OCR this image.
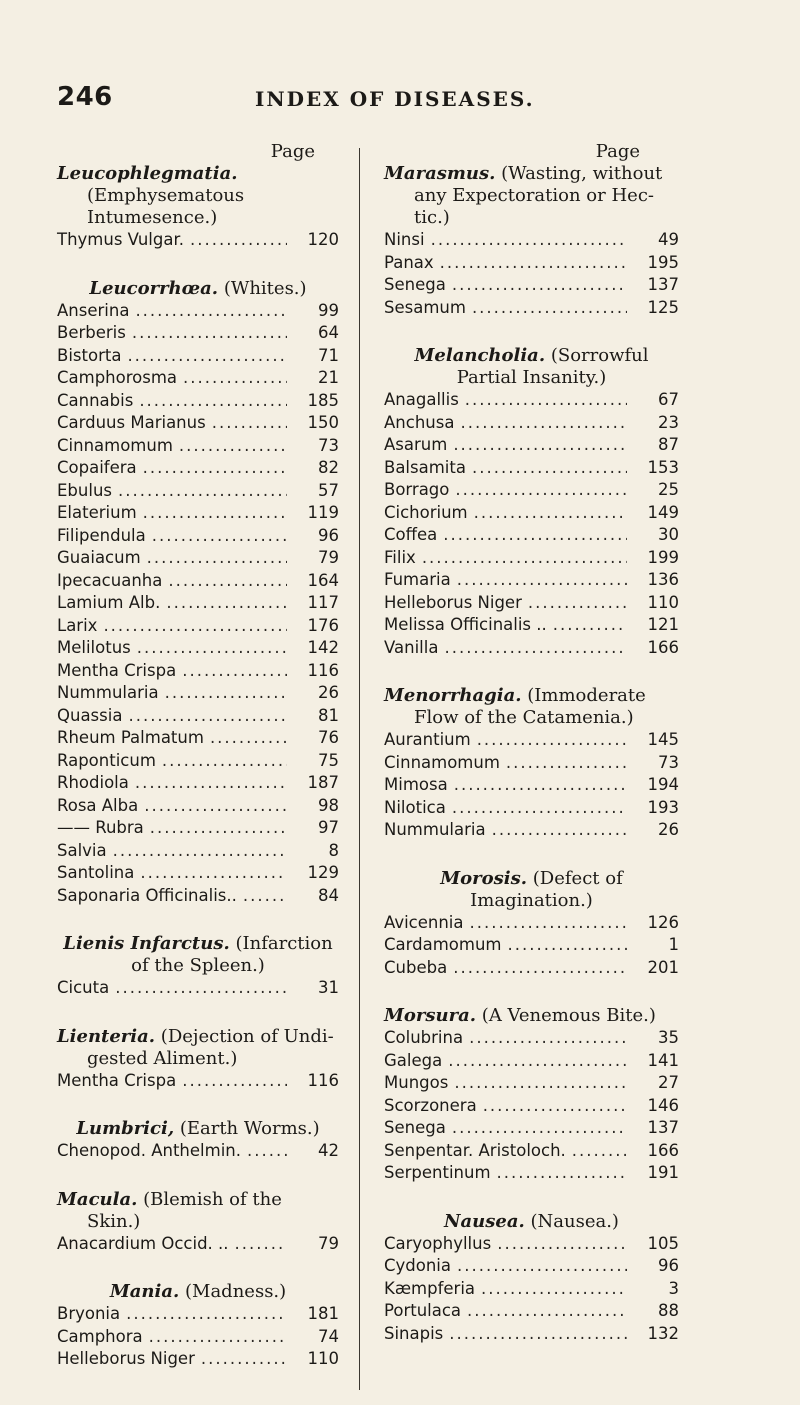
246	INDEX OF DISEASES.
Page
Leucophlegmatia. (Emphysematous Intumesence.)
Thymus Vulgar. .....	120
Leucorrhœa. (Whites.)
Anserina .....	99
Berberis .....	64
Bistorta .....	71
Camphorosma .....	21
Cannabis .....	185
Carduus Marianus .....	150
Cinnamomum .....	73
Copaifera .....	82
Ebulus .....	57
Elaterium .....	119
Filipendula .....	96
Guaiacum .....	79
Ipecacuanha .....	164
Lamium Alb. .....	117
Larix .....	176
Melilotus .....	142
Mentha Crispa .....	116
Nummularia .....	26
Quassia .....	81
Rheum Palmatum .....	76
Raponticum .....	75
Rhodiola .....	187
Rosa Alba .....	98
—— Rubra .....	97
Salvia .....	8
Santolina .....	129
Saponaria Officinalis.. .....	84
Lienis Infarctus. (Infarction of the Spleen.)
Cicuta .....	31
Lienteria. (Dejection of Undigested Aliment.)
Mentha Crispa .....	116
Lumbrici, (Earth Worms.)
Chenopod. Anthelmin. .....	42
Macula. (Blemish of the Skin.)
Anacardium Occid. .. .....	79
Mania. (Madness.)
Bryonia .....	181
Camphora .....	74
Helleborus Niger .....	110
Page
Marasmus. (Wasting, without any Expectoration or Hectic.)
Ninsi .....	49
Panax .....	195
Senega .....	137
Sesamum .....	125
Melancholia. (Sorrowful Partial Insanity.)
Anagallis .....	67
Anchusa .....	23
Asarum .....	87
Balsamita .....	153
Borrago .....	25
Cichorium .....	149
Coffea .....	30
Filix .....	199
Fumaria .....	136
Helleborus Niger .....	110
Melissa Officinalis .. .....	121
Vanilla .....	166
Menorrhagia. (Immoderate Flow of the Catamenia.)
Aurantium .....	145
Cinnamomum .....	73
Mimosa .....	194
Nilotica .....	193
Nummularia .....	26
Morosis. (Defect of Imagination.)
Avicennia .....	126
Cardamomum .....	1
Cubeba .....	201
Morsura. (A Venemous Bite.)
Colubrina .....	35
Galega .....	141
Mungos .....	27
Scorzonera .....	146
Senega .....	137
Senpentar. Aristoloch. .....	166
Serpentinum .....	191
Nausea. (Nausea.)
Caryophyllus .....	105
Cydonia .....	96
Kæmpferia .....	3
Portulaca .....	88
Sinapis .....	132
